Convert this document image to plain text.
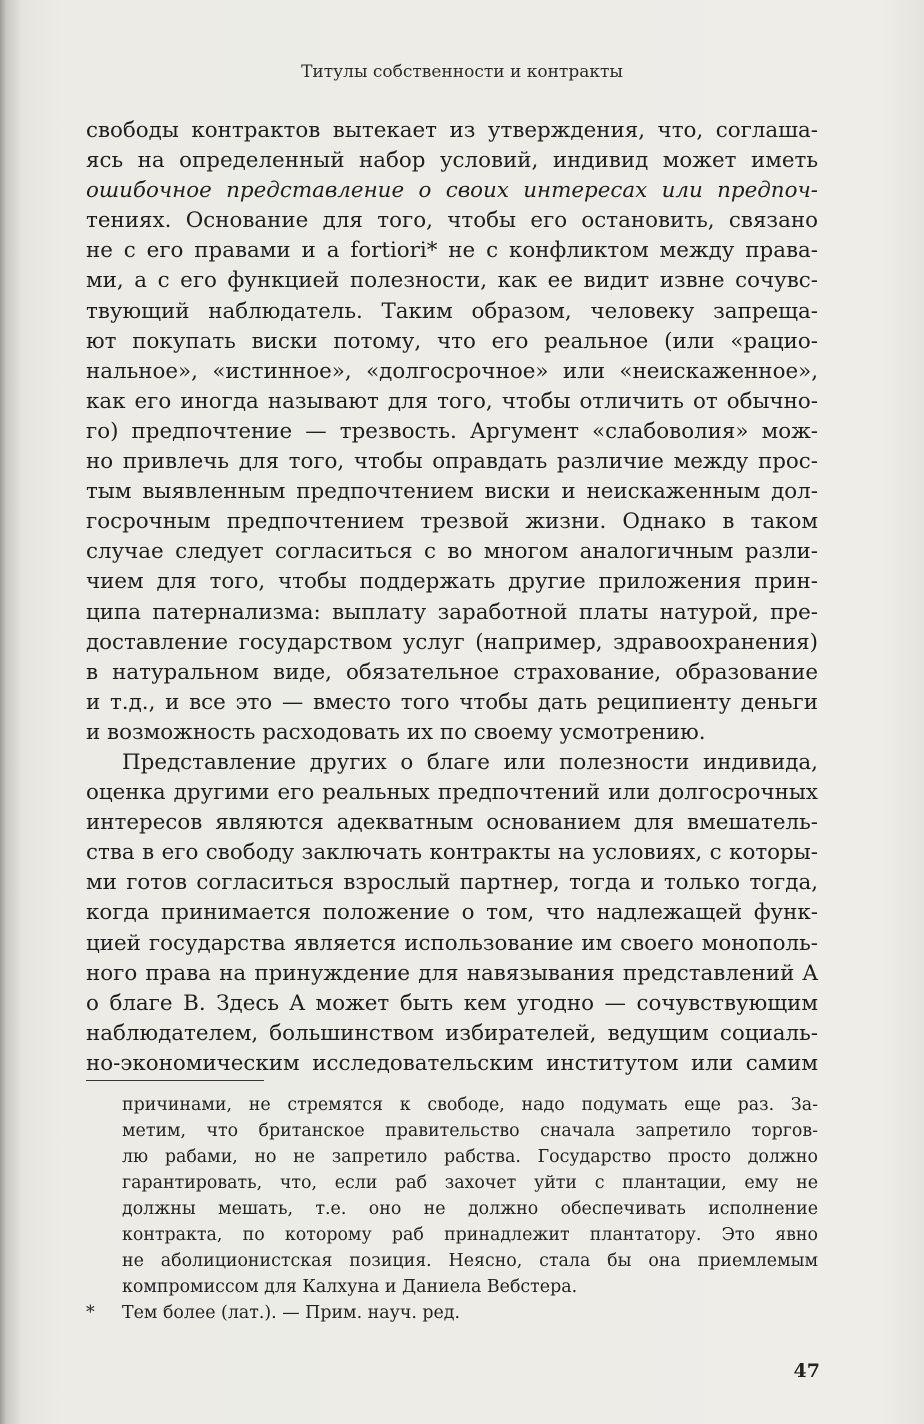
Титулы собственности и контракты
свободы контрактов вытекает из утверждения, что, соглаша-
ясь на определенный набор условий, индивид может иметь
ошибочное представление о своих интересах или предпоч-
тениях. Основание для того, чтобы его остановить, связано
не с его правами и a fortiori* не с конфликтом между права-
ми, а с его функцией полезности, как ее видит извне сочувс-
твующий наблюдатель. Таким образом, человеку запреща-
ют покупать виски потому, что его реальное (или «рацио-
нальное», «истинное», «долгосрочное» или «неискаженное»,
как его иногда называют для того, чтобы отличить от обычно-
го) предпочтение — трезвость. Аргумент «слабоволия» мож-
но привлечь для того, чтобы оправдать различие между прос-
тым выявленным предпочтением виски и неискаженным дол-
госрочным предпочтением трезвой жизни. Однако в таком
случае следует согласиться с во многом аналогичным разли-
чием для того, чтобы поддержать другие приложения прин-
ципа патернализма: выплату заработной платы натурой, пре-
доставление государством услуг (например, здравоохранения)
в натуральном виде, обязательное страхование, образование
и т.д., и все это — вместо того чтобы дать реципиенту деньги
и возможность расходовать их по своему усмотрению.
Представление других о благе или полезности индивида,
оценка другими его реальных предпочтений или долгосрочных
интересов являются адекватным основанием для вмешатель-
ства в его свободу заключать контракты на условиях, с которы-
ми готов согласиться взрослый партнер, тогда и только тогда,
когда принимается положение о том, что надлежащей функ-
цией государства является использование им своего монополь-
ного права на принуждение для навязывания представлений A
о благе B. Здесь A может быть кем угодно — сочувствующим
наблюдателем, большинством избирателей, ведущим социаль-
но-экономическим исследовательским институтом или самим
причинами, не стремятся к свободе, надо подумать еще раз. За-
метим, что британское правительство сначала запретило торгов-
лю рабами, но не запретило рабства. Государство просто должно
гарантировать, что, если раб захочет уйти с плантации, ему не
должны мешать, т.е. оно не должно обеспечивать исполнение
контракта, по которому раб принадлежит плантатору. Это явно
не аболиционистская позиция. Неясно, стала бы она приемлемым
компромиссом для Калхуна и Даниела Вебстера.
* Тем более (лат.). — Прим. науч. ред.
47
